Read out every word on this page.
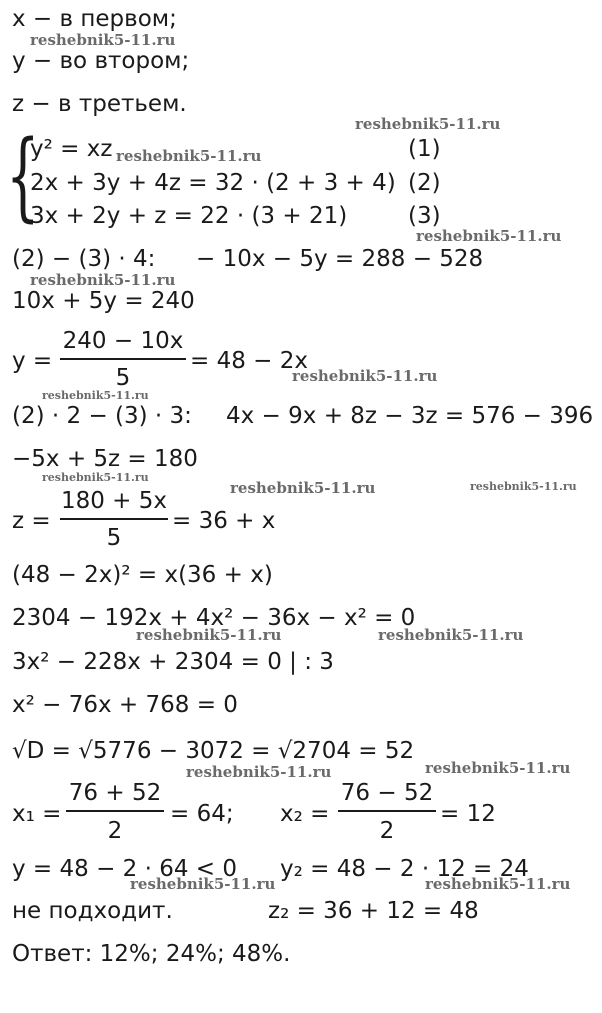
x − в первом;
y − во втором;
z − в третьем.
{
y² = xz
2x + 3y + 4z = 32 · (2 + 3 + 4)
3x + 2y + z = 22 · (3 + 21)
(1)
(2)
(3)
(2) − (3) · 4: − 10x − 5y = 288 − 528
10x + 5y = 240
y =
240 − 10x
5
= 48 − 2x
(2) · 2 − (3) · 3: 4x − 9x + 8z − 3z = 576 − 396
−5x + 5z = 180
z =
180 + 5x
5
= 36 + x
(48 − 2x)² = x(36 + x)
2304 − 192x + 4x² − 36x − x² = 0
3x² − 228x + 2304 = 0 | : 3
x² − 76x + 768 = 0
√D = √5776 − 3072 = √2704 = 52
x₁ =
76 + 52
2
= 64; x₂ =
76 − 52
2
= 12
y = 48 − 2 · 64 < 0 y₂ = 48 − 2 · 12 = 24
не подходит.	z₂ = 36 + 12 = 48
Ответ: 12%; 24%; 48%.
reshebnik5-11.ru
reshebnik5-11.ru
reshebnik5-11.ru
reshebnik5-11.ru
reshebnik5-11.ru
reshebnik5-11.ru
reshebnik5-11.ru
reshebnik5-11.ru
reshebnik5-11.ru	reshebnik5-11.ru
reshebnik5-11.ru	reshebnik5-11.ru
reshebnik5-11.ru	reshebnik5-11.ru
reshebnik5-11.ru	reshebnik5-11.ru
